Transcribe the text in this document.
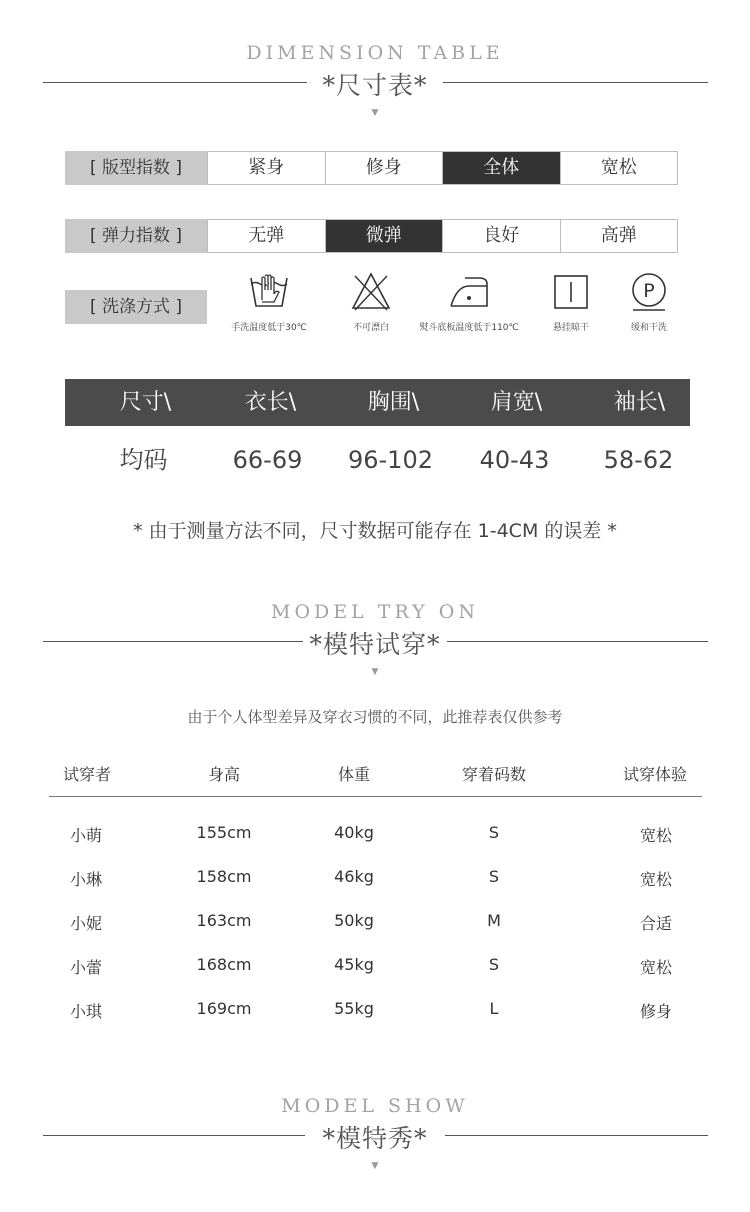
DIMENSION TABLE
*尺寸表*
▼
[ 版型指数 ]	紧身	修身	全体	宽松
[ 弹力指数 ]	无弹	微弹	良好	高弹
[ 洗涤方式 ]
手洗温度低于30℃	不可漂白	熨斗底板温度低于110℃	悬挂晾干
P
缓和干洗
尺寸\	衣长\	胸围\	肩宽\	袖长\
均码	66-69	96-102	40-43	58-62
* 由于测量方法不同，尺寸数据可能存在 1-4CM 的误差 *
MODEL TRY ON
*模特试穿*
▼
由于个人体型差异及穿衣习惯的不同，此推荐表仅供参考
试穿者	身高	体重	穿着码数	试穿体验
小萌	155cm	40kg	S	宽松
小琳	158cm	46kg	S	宽松
小妮	163cm	50kg	M	合适
小蕾	168cm	45kg	S	宽松
小琪	169cm	55kg	L	修身
MODEL SHOW
*模特秀*
▼
